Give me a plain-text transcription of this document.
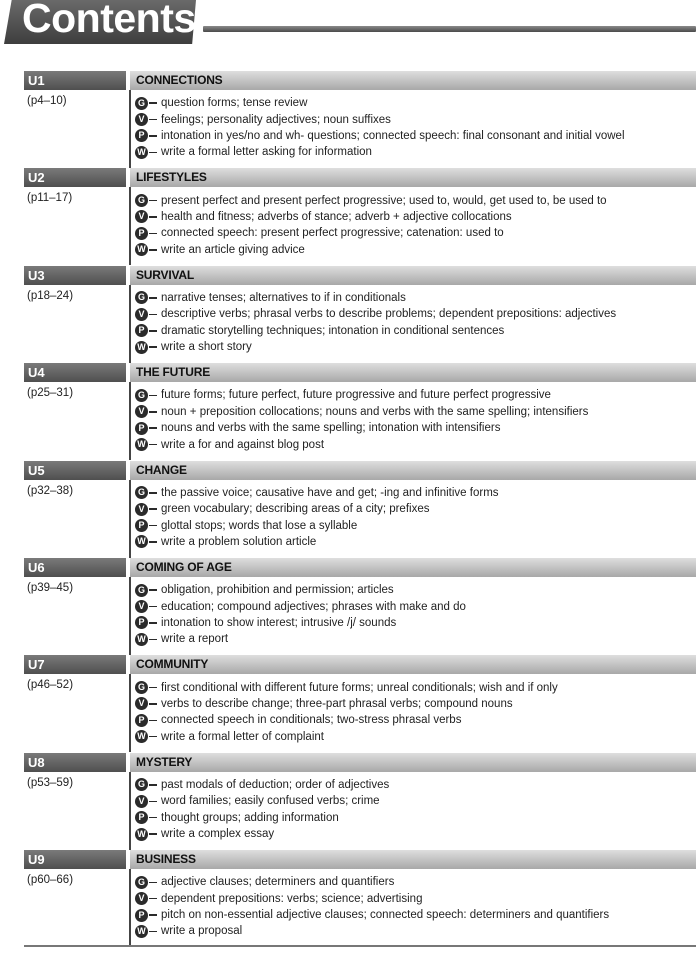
Contents
U1	CONNECTIONS
(p4–10)	G question forms; tense review
V	feelings; personality adjectives; noun suffixes
P	intonation in yes/no and wh- questions; connected speech: final consonant and initial vowel
W write a formal letter asking for information
U2	LIFESTYLES
(p11–17)	G present perfect and present perfect progressive; used to, would, get used to, be used to
V	health and fitness; adverbs of stance; adverb + adjective collocations
P	connected speech: present perfect progressive; catenation: used to
W write an article giving advice
U3	SURVIVAL
(p18–24)	G narrative tenses; alternatives to if in conditionals
V	descriptive verbs; phrasal verbs to describe problems; dependent prepositions: adjectives
P	dramatic storytelling techniques; intonation in conditional sentences
W write a short story
U4	THE FUTURE
(p25–31)	G future forms; future perfect, future progressive and future perfect progressive
V	noun + preposition collocations; nouns and verbs with the same spelling; intensifiers
P	nouns and verbs with the same spelling; intonation with intensifiers
W write a for and against blog post
U5	CHANGE
(p32–38)	G the passive voice; causative have and get; -ing and infinitive forms
V	green vocabulary; describing areas of a city; prefixes
P	glottal stops; words that lose a syllable
W write a problem solution article
U6	COMING OF AGE
(p39–45)	G obligation, prohibition and permission; articles
V	education; compound adjectives; phrases with make and do
P	intonation to show interest; intrusive /j/ sounds
W write a report
U7	COMMUNITY
(p46–52)	G first conditional with different future forms; unreal conditionals; wish and if only
V	verbs to describe change; three-part phrasal verbs; compound nouns
P	connected speech in conditionals; two-stress phrasal verbs
W write a formal letter of complaint
U8	MYSTERY
(p53–59)	G past modals of deduction; order of adjectives
V	word families; easily confused verbs; crime
P	thought groups; adding information
W write a complex essay
U9	BUSINESS
(p60–66)	G adjective clauses; determiners and quantifiers
V	dependent prepositions: verbs; science; advertising
P	pitch on non-essential adjective clauses; connected speech: determiners and quantifiers
W write a proposal
